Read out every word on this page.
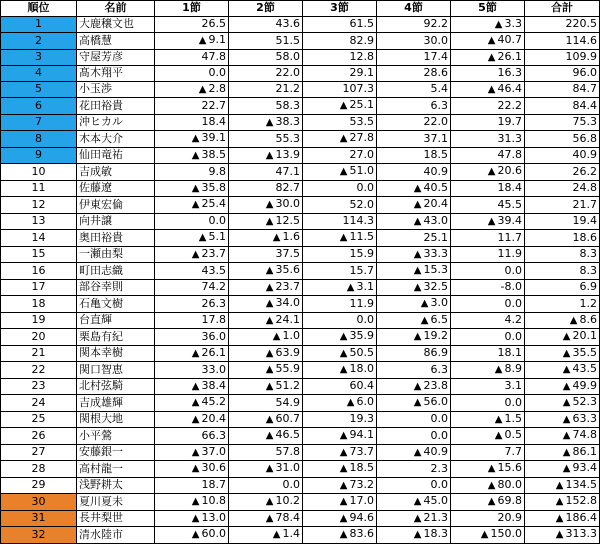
順位	名前	1節	2節	3節	4節	5節	合計
1	大鹿穣文也	26.5	43.6	61.5	92.2	▲ 3.3	220.5
2	高橋慧	▲ 9.1	51.5	82.9	30.0	▲ 40.7	114.6
3	守屋芳彦	47.8	58.0	12.8	17.4	▲ 26.1	109.9
4	髙木翔平	0.0	22.0	29.1	28.6	16.3	96.0
5	小玉渉	▲ 2.8	21.2	107.3	5.4	▲ 46.4	84.7
6	花田裕貴	22.7	58.3	▲ 25.1	6.3	22.2	84.4
7	沖ヒカル	18.4	▲ 38.3	53.5	22.0	19.7	75.3
8	木本大介	▲ 39.1	55.3	▲ 27.8	37.1	31.3	56.8
9	仙田竜祐	▲ 38.5	▲ 13.9	27.0	18.5	47.8	40.9
10	吉成敏	9.8	47.1	▲ 51.0	40.9	▲ 20.6	26.2
11	佐藤遼	▲ 35.8	82.7	0.0	▲ 40.5	18.4	24.8
12	伊東宏倫	▲ 25.4	▲ 30.0	52.0	▲ 20.4	45.5	21.7
13	向井譲	0.0	▲ 12.5	114.3	▲ 43.0	▲ 39.4	19.4
14	奥田裕貴	▲ 5.1	▲ 1.6	▲ 11.5	25.1	11.7	18.6
15	一瀬由梨	▲ 23.7	37.5	15.9	▲ 33.3	11.9	8.3
16	町田志織	43.5	▲ 35.6	15.7	▲ 15.3	0.0	8.3
17	部谷幸則	74.2	▲ 23.7	▲ 3.1	▲ 32.5	-8.0	6.9
18	石亀文樹	26.3	▲ 34.0	11.9	▲ 3.0	0.0	1.2
19	台直輝	17.8	▲ 24.1	0.0	▲ 6.5	4.2	▲ 8.6
20	栗島有紀	36.0	▲ 1.0	▲ 35.9	▲ 19.2	0.0	▲ 20.1
21	関本幸樹	▲ 26.1	▲ 63.9	▲ 50.5	86.9	18.1	▲ 35.5
22	関口智恵	33.0	▲ 55.9	▲ 18.0	6.3	▲ 8.9	▲ 43.5
23	北村弦騎	▲ 38.4	▲ 51.2	60.4	▲ 23.8	3.1	▲ 49.9
24	吉成雄輝	▲ 45.2	54.9	▲ 6.0	▲ 56.0	0.0	▲ 52.3
25	関根大地	▲ 20.4	▲ 60.7	19.3	0.0	▲ 1.5	▲ 63.3
26	小平鶯	66.3	▲ 46.5	▲ 94.1	0.0	▲ 0.5	▲ 74.8
27	安藤銀一	▲ 37.0	57.8	▲ 73.7	▲ 40.9	7.7	▲ 86.1
28	高村龍一	▲ 30.6	▲ 31.0	▲ 18.5	2.3	▲ 15.6	▲ 93.4
29	浅野耕太	18.7	0.0	▲ 73.2	0.0	▲ 80.0	▲ 134.5
30	夏川夏未	▲ 10.8	▲ 10.2	▲ 17.0	▲ 45.0	▲ 69.8	▲ 152.8
31	長井梨世	▲ 13.0	▲ 78.4	▲ 94.6	▲ 21.3	20.9	▲ 186.4
32	清水陸市	▲ 60.0	▲ 1.4	▲ 83.6	▲ 18.3	▲ 150.0	▲ 313.3
